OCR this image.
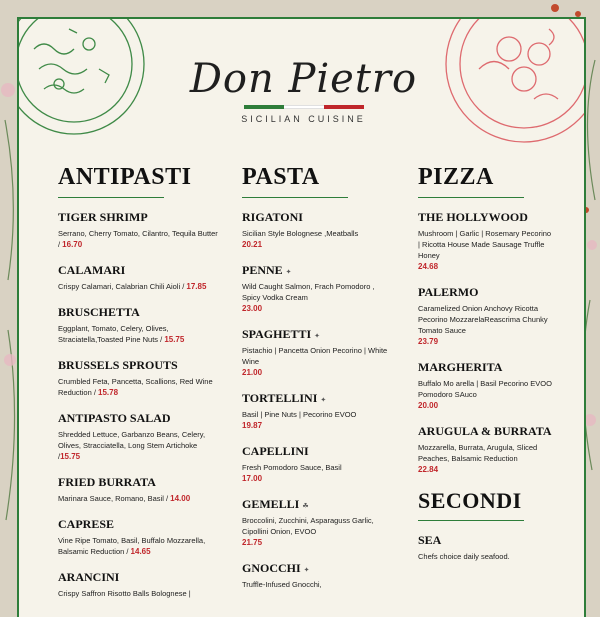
Don Pietro
SICILIAN CUISINE
ANTIPASTI
TIGER SHRIMP
Serrano, Cherry Tomato, Cilantro, Tequila Butter / 16.70
CALAMARI
Crispy Calamari, Calabrian Chili Aioli / 17.85
BRUSCHETTA
Eggplant, Tomato, Celery, Olives, Straciatella,Toasted Pine Nuts / 15.75
BRUSSELS SPROUTS
Crumbled Feta, Pancetta, Scallions, Red Wine Reduction / 15.78
ANTIPASTO SALAD
Shredded Lettuce, Garbanzo Beans, Celery, Olives, Stracciatella, Long Stem Artichoke /15.75
FRIED BURRATA
Marinara Sauce, Romano, Basil / 14.00
CAPRESE
Vine Ripe Tomato, Basil, Buffalo Mozzarella, Balsamic Reduction / 14.65
ARANCINI
Crispy Saffron Risotto Balls Bolognese |
PASTA
RIGATONI
Sicilian Style Bolognese ,Meatballs
20.21
PENNE ✦
Wild Caught Salmon, Frach Pomodoro , Spicy Vodka Cream
23.00
SPAGHETTI ✦
Pistachio | Pancetta Onion Pecorino | White Wine
21.00
TORTELLINI ✦
Basil | Pine Nuts | Pecorino EVOO
19.87
CAPELLINI
Fresh Pomodoro Sauce, Basil
17.00
GEMELLI ☘
Broccolini, Zucchini, Asparaguss Garlic, Cipollini Onion, EVOO
21.75
GNOCCHI ✦
Truffle-Infused Gnocchi,
PIZZA
THE HOLLYWOOD
Mushroom | Garlic | Rosemary Pecorino | Ricotta House Made Sausage Truffle Honey
24.68
PALERMO
Caramelized Onion Anchovy Ricotta Pecorino MozzarelaReascrima Chunky Tomato Sauce
23.79
MARGHERITA
Buffalo Mo arella | Basil Pecorino EVOO Pomodoro SAuco
20.00
ARUGULA & BURRATA
Mozzarella, Burrata, Arugula, Sliced Peaches, Balsamic Reduction
22.84
SECONDI
SEA
Chefs choice daily seafood.
